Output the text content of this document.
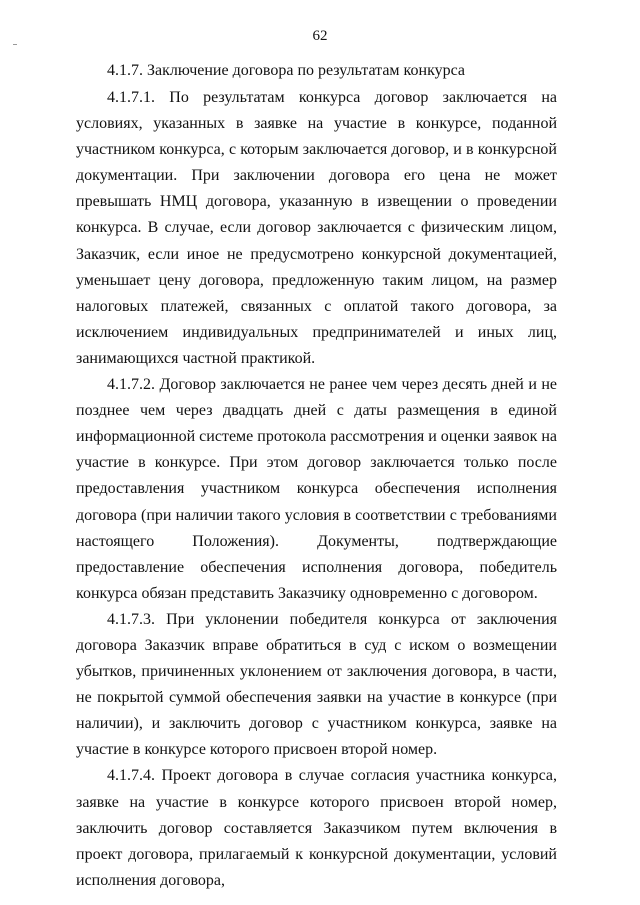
62
4.1.7. Заключение договора по результатам конкурса

4.1.7.1. По результатам конкурса договор заключается на условиях, указанных в заявке на участие в конкурсе, поданной участником конкурса, с которым заключается договор, и в конкурсной документации. При заключении договора его цена не может превышать НМЦ договора, указанную в извещении о проведении конкурса. В случае, если договор заключается с физическим лицом, Заказчик, если иное не предусмотрено конкурсной документацией, уменьшает цену договора, предложенную таким лицом, на размер налоговых платежей, связанных с оплатой такого договора, за исключением индивидуальных предпринимателей и иных лиц, занимающихся частной практикой.

4.1.7.2. Договор заключается не ранее чем через десять дней и не позднее чем через двадцать дней с даты размещения в единой информационной системе протокола рассмотрения и оценки заявок на участие в конкурсе. При этом договор заключается только после предоставления участником конкурса обеспечения исполнения договора (при наличии такого условия в соответствии с требованиями настоящего Положения). Документы, подтверждающие предоставление обеспечения исполнения договора, победитель конкурса обязан представить Заказчику одновременно с договором.

4.1.7.3. При уклонении победителя конкурса от заключения договора Заказчик вправе обратиться в суд с иском о возмещении убытков, причиненных уклонением от заключения договора, в части, не покрытой суммой обеспечения заявки на участие в конкурсе (при наличии), и заключить договор с участником конкурса, заявке на участие в конкурсе которого присвоен второй номер.

4.1.7.4. Проект договора в случае согласия участника конкурса, заявке на участие в конкурсе которого присвоен второй номер, заключить договор составляется Заказчиком путем включения в проект договора, прилагаемый к конкурсной документации, условий исполнения договора,
